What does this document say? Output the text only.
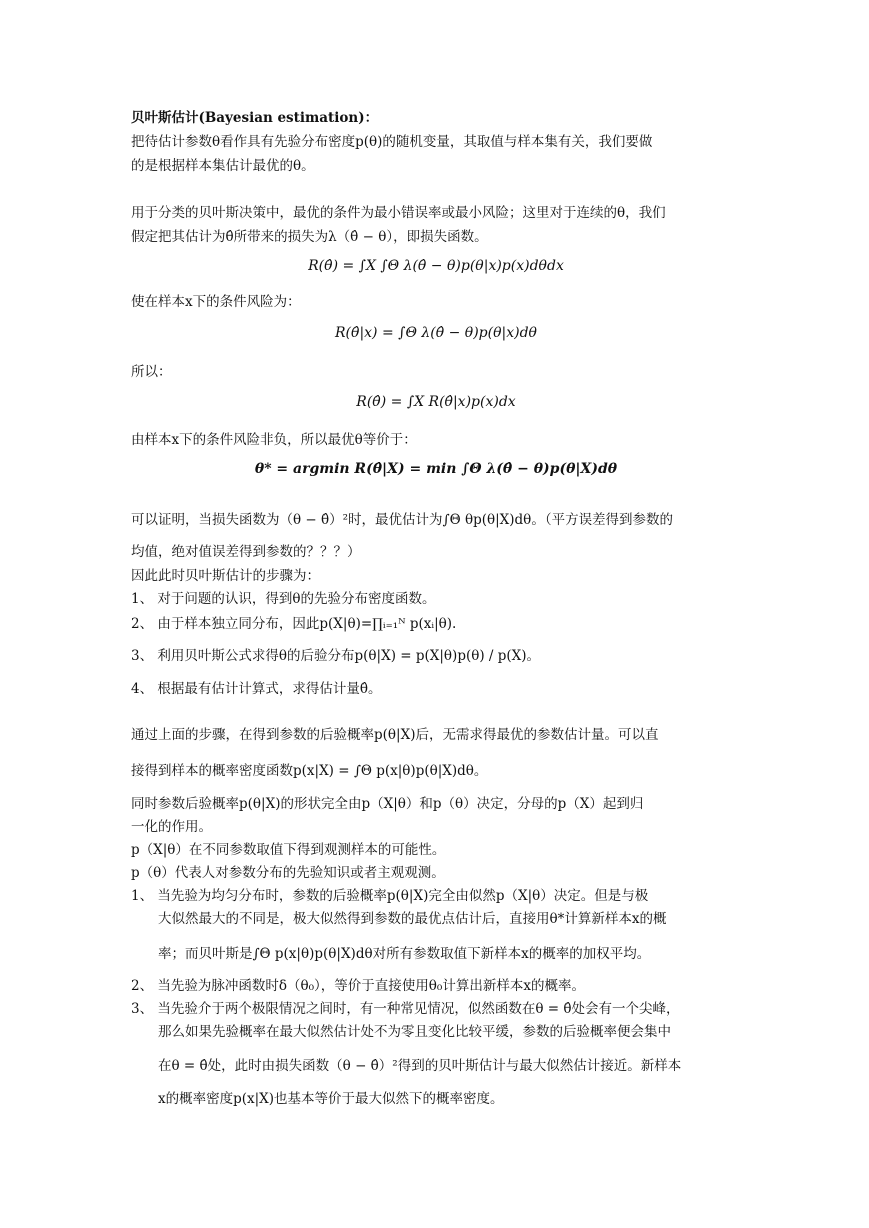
贝叶斯估计(Bayesian estimation)：
把待估计参数θ看作具有先验分布密度p(θ)的随机变量，其取值与样本集有关，我们要做
的是根据样本集估计最优的θ。
用于分类的贝叶斯决策中，最优的条件为最小错误率或最小风险；这里对于连续的θ，我们
假定把其估计为θ̂所带来的损失为λ（θ̂ − θ），即损失函数。
R(θ̂) = ∫X ∫Θ λ(θ̂ − θ)p(θ|x)p(x)dθdx
使在样本x下的条件风险为：
R(θ̂|x) = ∫Θ λ(θ̂ − θ)p(θ|x)dθ
所以：
R(θ̂) = ∫X R(θ̂|x)p(x)dx
由样本x下的条件风险非负，所以最优θ等价于：
θ* = argmin R(θ̂|X) = min ∫Θ λ(θ̂ − θ)p(θ|X)dθ
可以证明，当损失函数为（θ − θ̂）²时，最优估计为∫Θ θp(θ|X)dθ。（平方误差得到参数的
均值，绝对值误差得到参数的？？？）
因此此时贝叶斯估计的步骤为：
1、 对于问题的认识，得到θ的先验分布密度函数。
2、 由于样本独立同分布，因此p(X|θ)=∏ᵢ₌₁ᴺ p(xᵢ|θ).
3、 利用贝叶斯公式求得θ的后验分布p(θ|X) = p(X|θ)p(θ) / p(X)。
4、 根据最有估计计算式，求得估计量θ̂。
通过上面的步骤，在得到参数的后验概率p(θ|X)后，无需求得最优的参数估计量。可以直
接得到样本的概率密度函数p(x|X) = ∫Θ p(x|θ)p(θ|X)dθ。
同时参数后验概率p(θ|X)的形状完全由p（X|θ）和p（θ）决定，分母的p（X）起到归
一化的作用。
p（X|θ）在不同参数取值下得到观测样本的可能性。
p（θ）代表人对参数分布的先验知识或者主观观测。
1、 当先验为均匀分布时，参数的后验概率p(θ|X)完全由似然p（X|θ）决定。但是与极
大似然最大的不同是，极大似然得到参数的最优点估计后，直接用θ*计算新样本x的概
率；而贝叶斯是∫Θ p(x|θ)p(θ|X)dθ对所有参数取值下新样本x的概率的加权平均。
2、 当先验为脉冲函数时δ（θ₀），等价于直接使用θ₀计算出新样本x的概率。
3、 当先验介于两个极限情况之间时，有一种常见情况，似然函数在θ = θ̂处会有一个尖峰，
那么如果先验概率在最大似然估计处不为零且变化比较平缓，参数的后验概率便会集中
在θ = θ̂处，此时由损失函数（θ − θ̂）²得到的贝叶斯估计与最大似然估计接近。新样本
x的概率密度p(x|X)也基本等价于最大似然下的概率密度。
